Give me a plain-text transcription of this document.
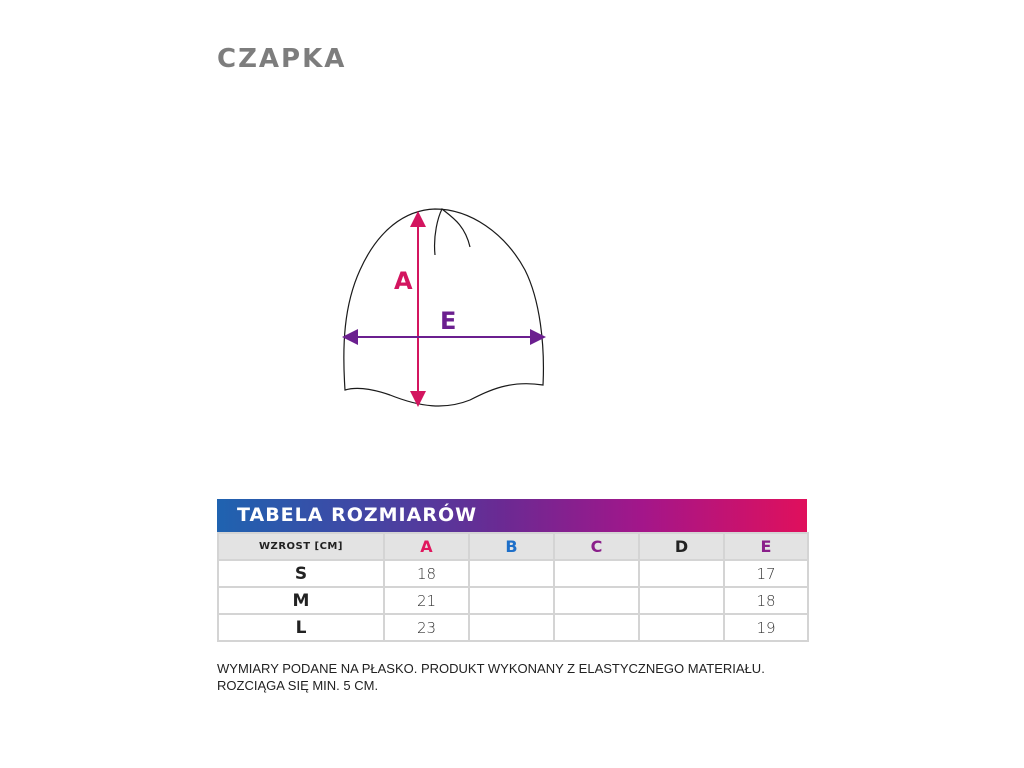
CZAPKA
A
E
TABELA ROZMIARÓW
WZROST [CM]	A	B	C	D	E
S	18				17
M	21				18
L	23				19
WYMIARY PODANE NA PŁASKO. PRODUKT WYKONANY Z ELASTYCZNEGO MATERIAŁU.
ROZCIĄGA SIĘ MIN. 5 CM.
